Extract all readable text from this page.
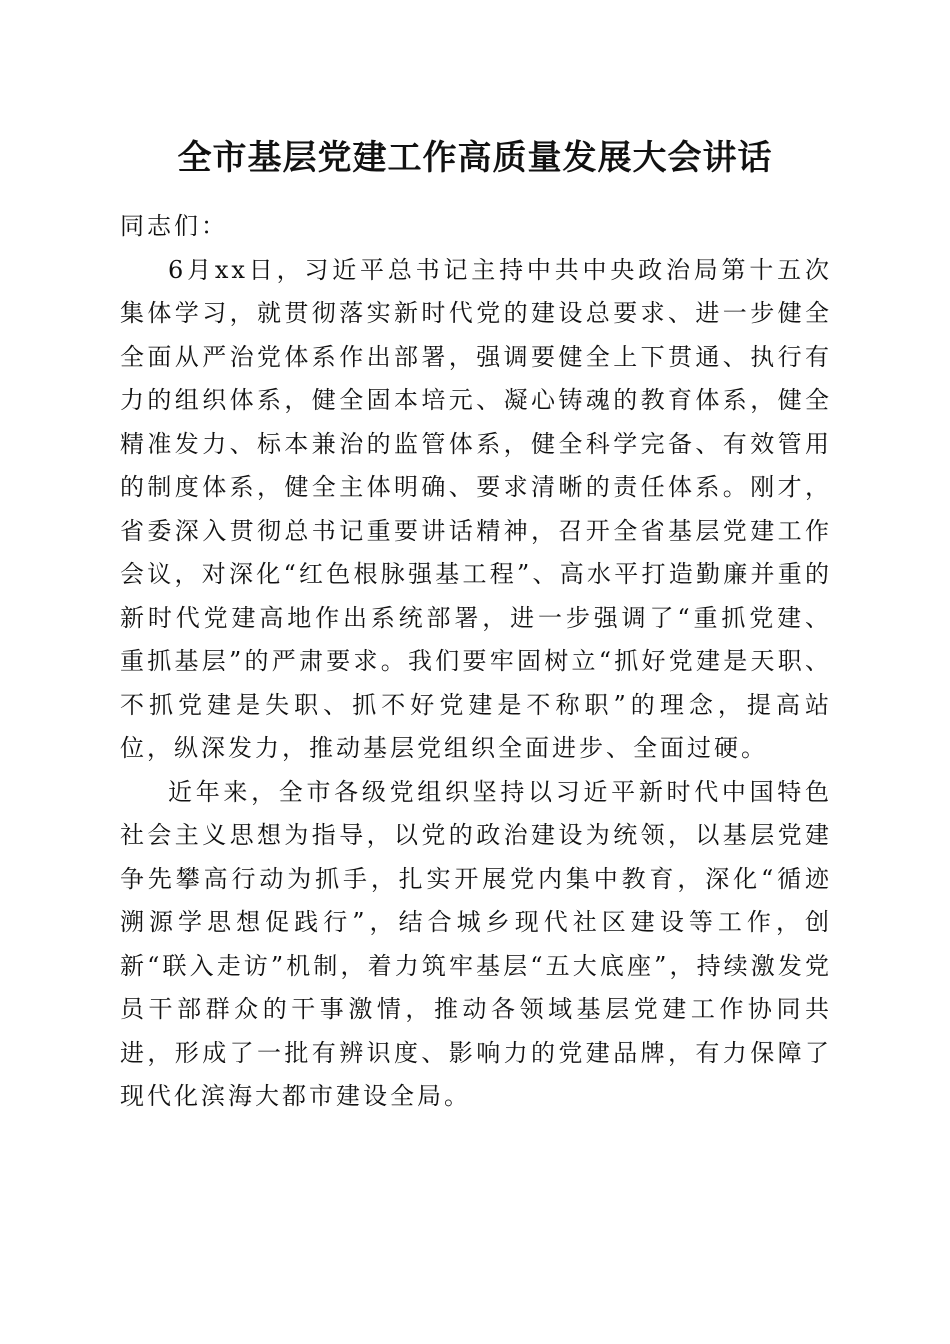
全市基层党建工作高质量发展大会讲话

同志们：

6月xx日，习近平总书记主持中共中央政治局第十五次集体学习，就贯彻落实新时代党的建设总要求、进一步健全全面从严治党体系作出部署，强调要健全上下贯通、执行有力的组织体系，健全固本培元、凝心铸魂的教育体系，健全精准发力、标本兼治的监管体系，健全科学完备、有效管用的制度体系，健全主体明确、要求清晰的责任体系。刚才，省委深入贯彻总书记重要讲话精神，召开全省基层党建工作会议，对深化“红色根脉强基工程”、高水平打造勤廉并重的新时代党建高地作出系统部署，进一步强调了“重抓党建、重抓基层”的严肃要求。我们要牢固树立“抓好党建是天职、不抓党建是失职、抓不好党建是不称职”的理念，提高站位，纵深发力，推动基层党组织全面进步、全面过硬。

近年来，全市各级党组织坚持以习近平新时代中国特色社会主义思想为指导，以党的政治建设为统领，以基层党建争先攀高行动为抓手，扎实开展党内集中教育，深化“循迹溯源学思想促践行”，结合城乡现代社区建设等工作，创新“联入走访”机制，着力筑牢基层“五大底座”，持续激发党员干部群众的干事激情，推动各领域基层党建工作协同共进，形成了一批有辨识度、影响力的党建品牌，有力保障了现代化滨海大都市建设全局。
